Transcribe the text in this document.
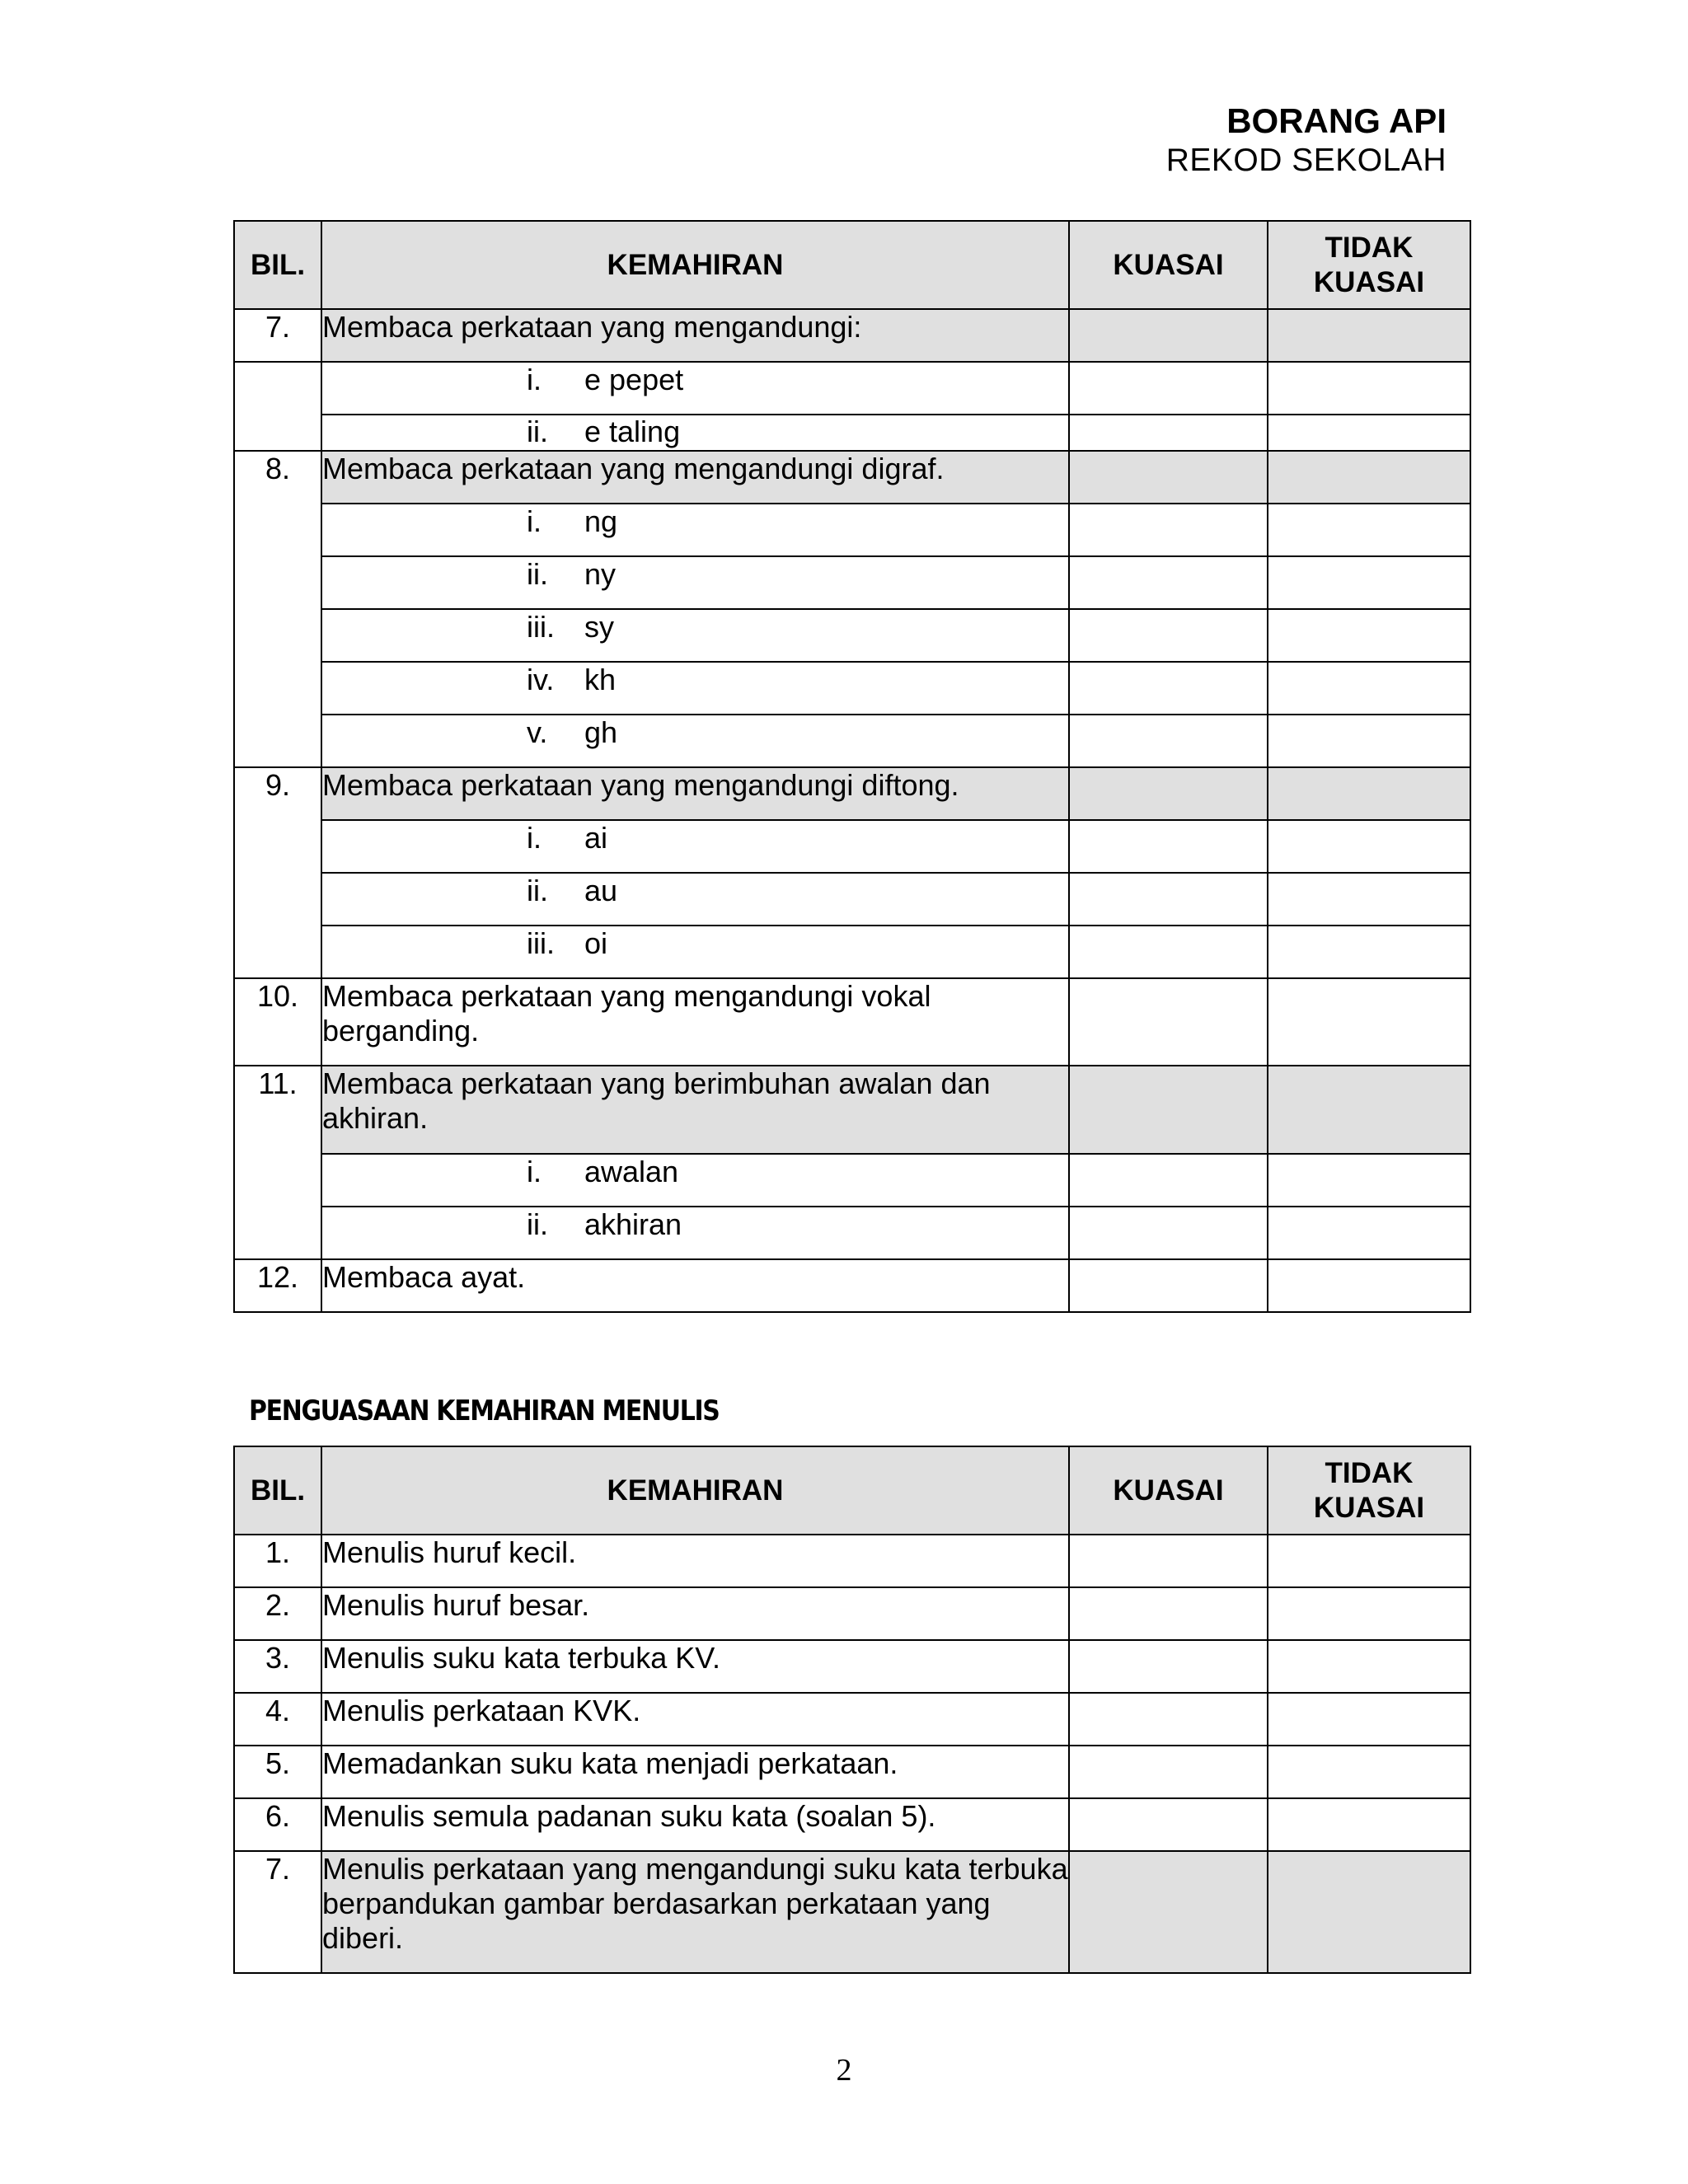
BORANG API
REKOD SEKOLAH
BIL.	KEMAHIRAN	KUASAI	TIDAK KUASAI
7.	Membaca perkataan yang mengandungi:		
	i. e pepet		
	ii. e taling		
8.	Membaca perkataan yang mengandungi digraf.		
	i. ng		
	ii. ny		
	iii. sy		
	iv. kh		
	v. gh		
9.	Membaca perkataan yang mengandungi diftong.		
	i. ai		
	ii. au		
	iii. oi		
10.	Membaca perkataan yang mengandungi vokal berganding.		
11.	Membaca perkataan yang berimbuhan awalan dan akhiran.		
	i. awalan		
	ii. akhiran		
12.	Membaca ayat.		
PENGUASAAN KEMAHIRAN MENULIS
BIL.	KEMAHIRAN	KUASAI	TIDAK KUASAI
1.	Menulis huruf kecil.		
2.	Menulis huruf besar.		
3.	Menulis suku kata terbuka KV.		
4.	Menulis perkataan KVK.		
5.	Memadankan suku kata menjadi perkataan.		
6.	Menulis semula padanan suku kata (soalan 5).		
7.	Menulis perkataan yang mengandungi suku kata terbuka berpandukan gambar berdasarkan perkataan yang diberi.		
2
